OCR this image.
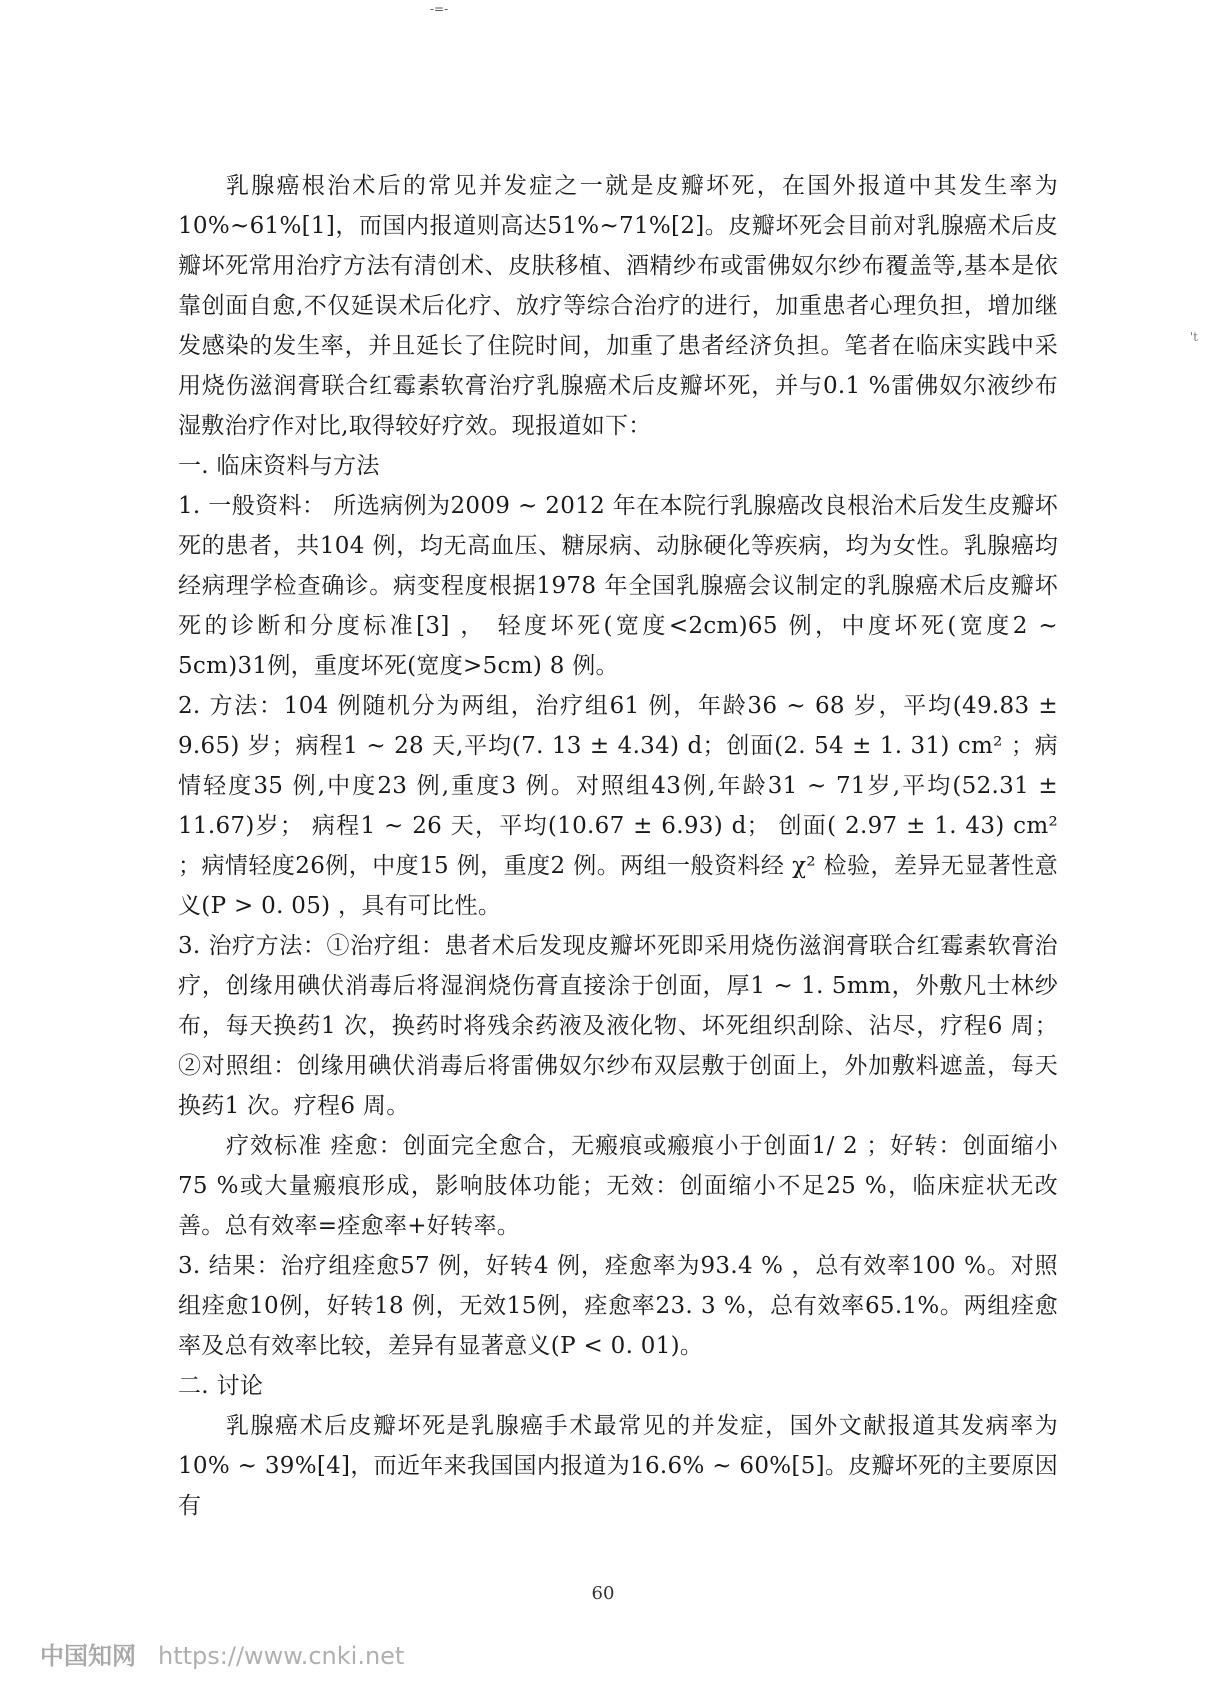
-=-
't

乳腺癌根治术后的常见并发症之一就是皮瓣坏死，在国外报道中其发生率为10%~61%[1]，而国内报道则高达51%~71%[2]。皮瓣坏死会目前对乳腺癌术后皮瓣坏死常用治疗方法有清创术、皮肤移植、酒精纱布或雷佛奴尔纱布覆盖等,基本是依靠创面自愈,不仅延误术后化疗、放疗等综合治疗的进行，加重患者心理负担，增加继发感染的发生率，并且延长了住院时间，加重了患者经济负担。笔者在临床实践中采用烧伤滋润膏联合红霉素软膏治疗乳腺癌术后皮瓣坏死，并与0.1 %雷佛奴尔液纱布湿敷治疗作对比,取得较好疗效。现报道如下：

一. 临床资料与方法

1. 一般资料： 所选病例为2009 ~ 2012 年在本院行乳腺癌改良根治术后发生皮瓣坏死的患者，共104 例，均无高血压、糖尿病、动脉硬化等疾病，均为女性。乳腺癌均经病理学检查确诊。病变程度根据1978 年全国乳腺癌会议制定的乳腺癌术后皮瓣坏死的诊断和分度标准[3] ， 轻度坏死(宽度<2cm)65 例，中度坏死(宽度2 ~ 5cm)31例，重度坏死(宽度>5cm) 8 例。

2. 方法：104 例随机分为两组，治疗组61 例，年龄36 ~ 68 岁，平均(49.83 ± 9.65) 岁；病程1 ~ 28 天,平均(7. 13 ± 4.34) d；创面(2. 54 ± 1. 31) cm² ；病情轻度35 例,中度23 例,重度3 例。对照组43例,年龄31 ~ 71岁,平均(52.31 ± 11.67)岁； 病程1 ~ 26 天，平均(10.67 ± 6.93) d； 创面( 2.97 ± 1. 43) cm² ；病情轻度26例，中度15 例，重度2 例。两组一般资料经 χ² 检验，差异无显著性意义(P > 0. 05) ，具有可比性。

3. 治疗方法：①治疗组：患者术后发现皮瓣坏死即采用烧伤滋润膏联合红霉素软膏治疗，创缘用碘伏消毒后将湿润烧伤膏直接涂于创面，厚1 ~ 1. 5mm，外敷凡士林纱布，每天换药1 次，换药时将残余药液及液化物、坏死组织刮除、沾尽，疗程6 周；②对照组：创缘用碘伏消毒后将雷佛奴尔纱布双层敷于创面上，外加敷料遮盖，每天换药1 次。疗程6 周。

疗效标准 痊愈：创面完全愈合，无瘢痕或瘢痕小于创面1/ 2 ；好转：创面缩小75 %或大量瘢痕形成，影响肢体功能；无效：创面缩小不足25 %，临床症状无改善。总有效率=痊愈率+好转率。

3. 结果：治疗组痊愈57 例，好转4 例，痊愈率为93.4 % ，总有效率100 %。对照组痊愈10例，好转18 例，无效15例，痊愈率23. 3 %，总有效率65.1%。两组痊愈率及总有效率比较，差异有显著意义(P < 0. 01)。

二. 讨论

乳腺癌术后皮瓣坏死是乳腺癌手术最常见的并发症，国外文献报道其发病率为10% ~ 39%[4]，而近年来我国国内报道为16.6% ~ 60%[5]。皮瓣坏死的主要原因有

60
中国知网 https://www.cnki.net
